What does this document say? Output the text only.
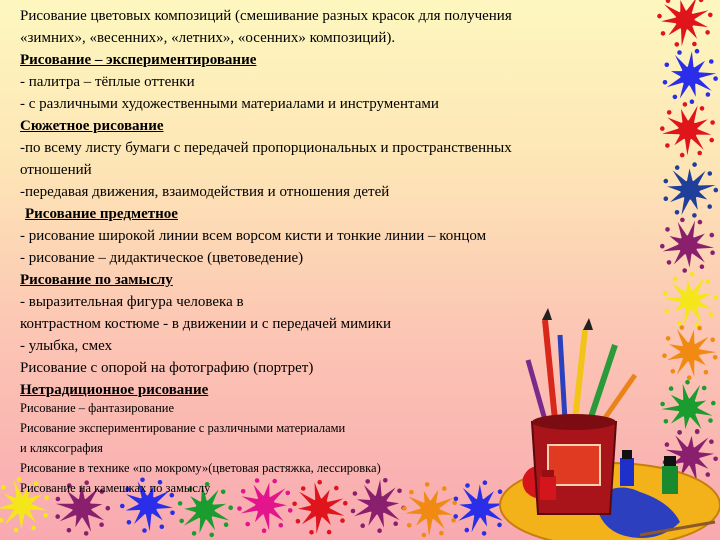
Рисование цветовых композиций (смешивание разных красок для получения
«зимних», «весенних», «летних», «осенних» композиций).
Рисование – экспериментирование
- палитра – тёплые оттенки
- с различными художественными материалами и инструментами
Сюжетное рисование
-по всему листу бумаги с передачей пропорциональных и пространственных
отношений
-передавая движения, взаимодействия и отношения детей
Рисование предметное
- рисование широкой линии всем ворсом кисти и тонкие линии – концом
- рисование – дидактическое (цветоведение)
Рисование по замыслу
- выразительная фигура человека в
контрастном костюме - в движении и с передачей мимики
- улыбка, смех
Рисование с опорой на фотографию (портрет)
Нетрадиционное рисование
Рисование – фантазирование
Рисование экспериментирование с различными материалами
и кляксография
Рисование в технике «по мокрому»(цветовая растяжка, лессировка)
Рисование на камешках по замыслу
